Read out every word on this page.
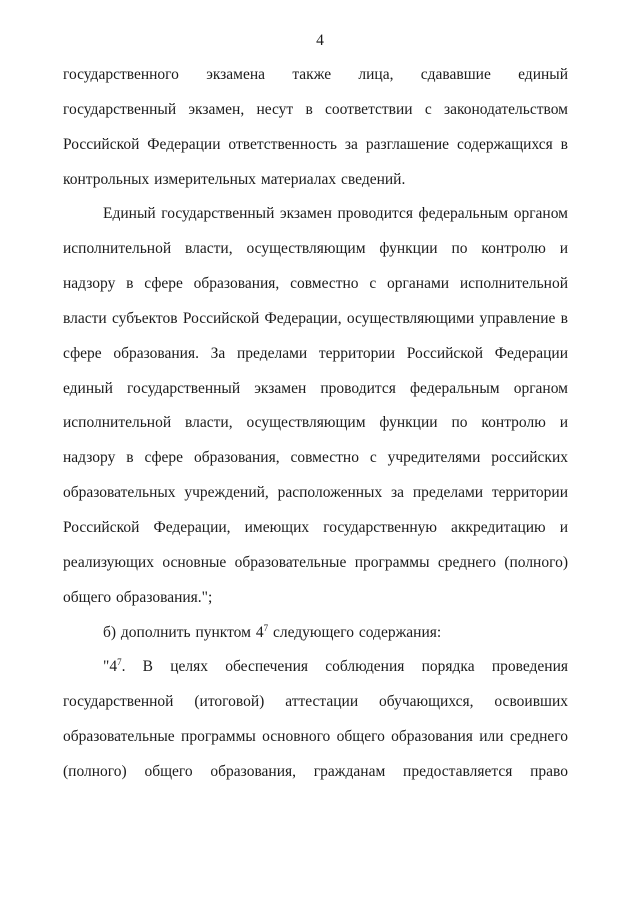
4
государственного экзамена также лица, сдававшие единый
государственный экзамен, несут в соответствии с законодательством
Российской Федерации ответственность за разглашение содержащихся в
контрольных измерительных материалах сведений.
Единый государственный экзамен проводится федеральным органом
исполнительной власти, осуществляющим функции по контролю и
надзору в сфере образования, совместно с органами исполнительной
власти субъектов Российской Федерации, осуществляющими управление в
сфере образования. За пределами территории Российской Федерации
единый государственный экзамен проводится федеральным органом
исполнительной власти, осуществляющим функции по контролю и
надзору в сфере образования, совместно с учредителями российских
образовательных учреждений, расположенных за пределами территории
Российской Федерации, имеющих государственную аккредитацию и
реализующих основные образовательные программы среднего (полного)
общего образования.";
б) дополнить пунктом $4^7$ следующего содержания:
"$4^7$. В целях обеспечения соблюдения порядка проведения
государственной (итоговой) аттестации обучающихся, освоивших
образовательные программы основного общего образования или среднего
(полного) общего образования, гражданам предоставляется право
